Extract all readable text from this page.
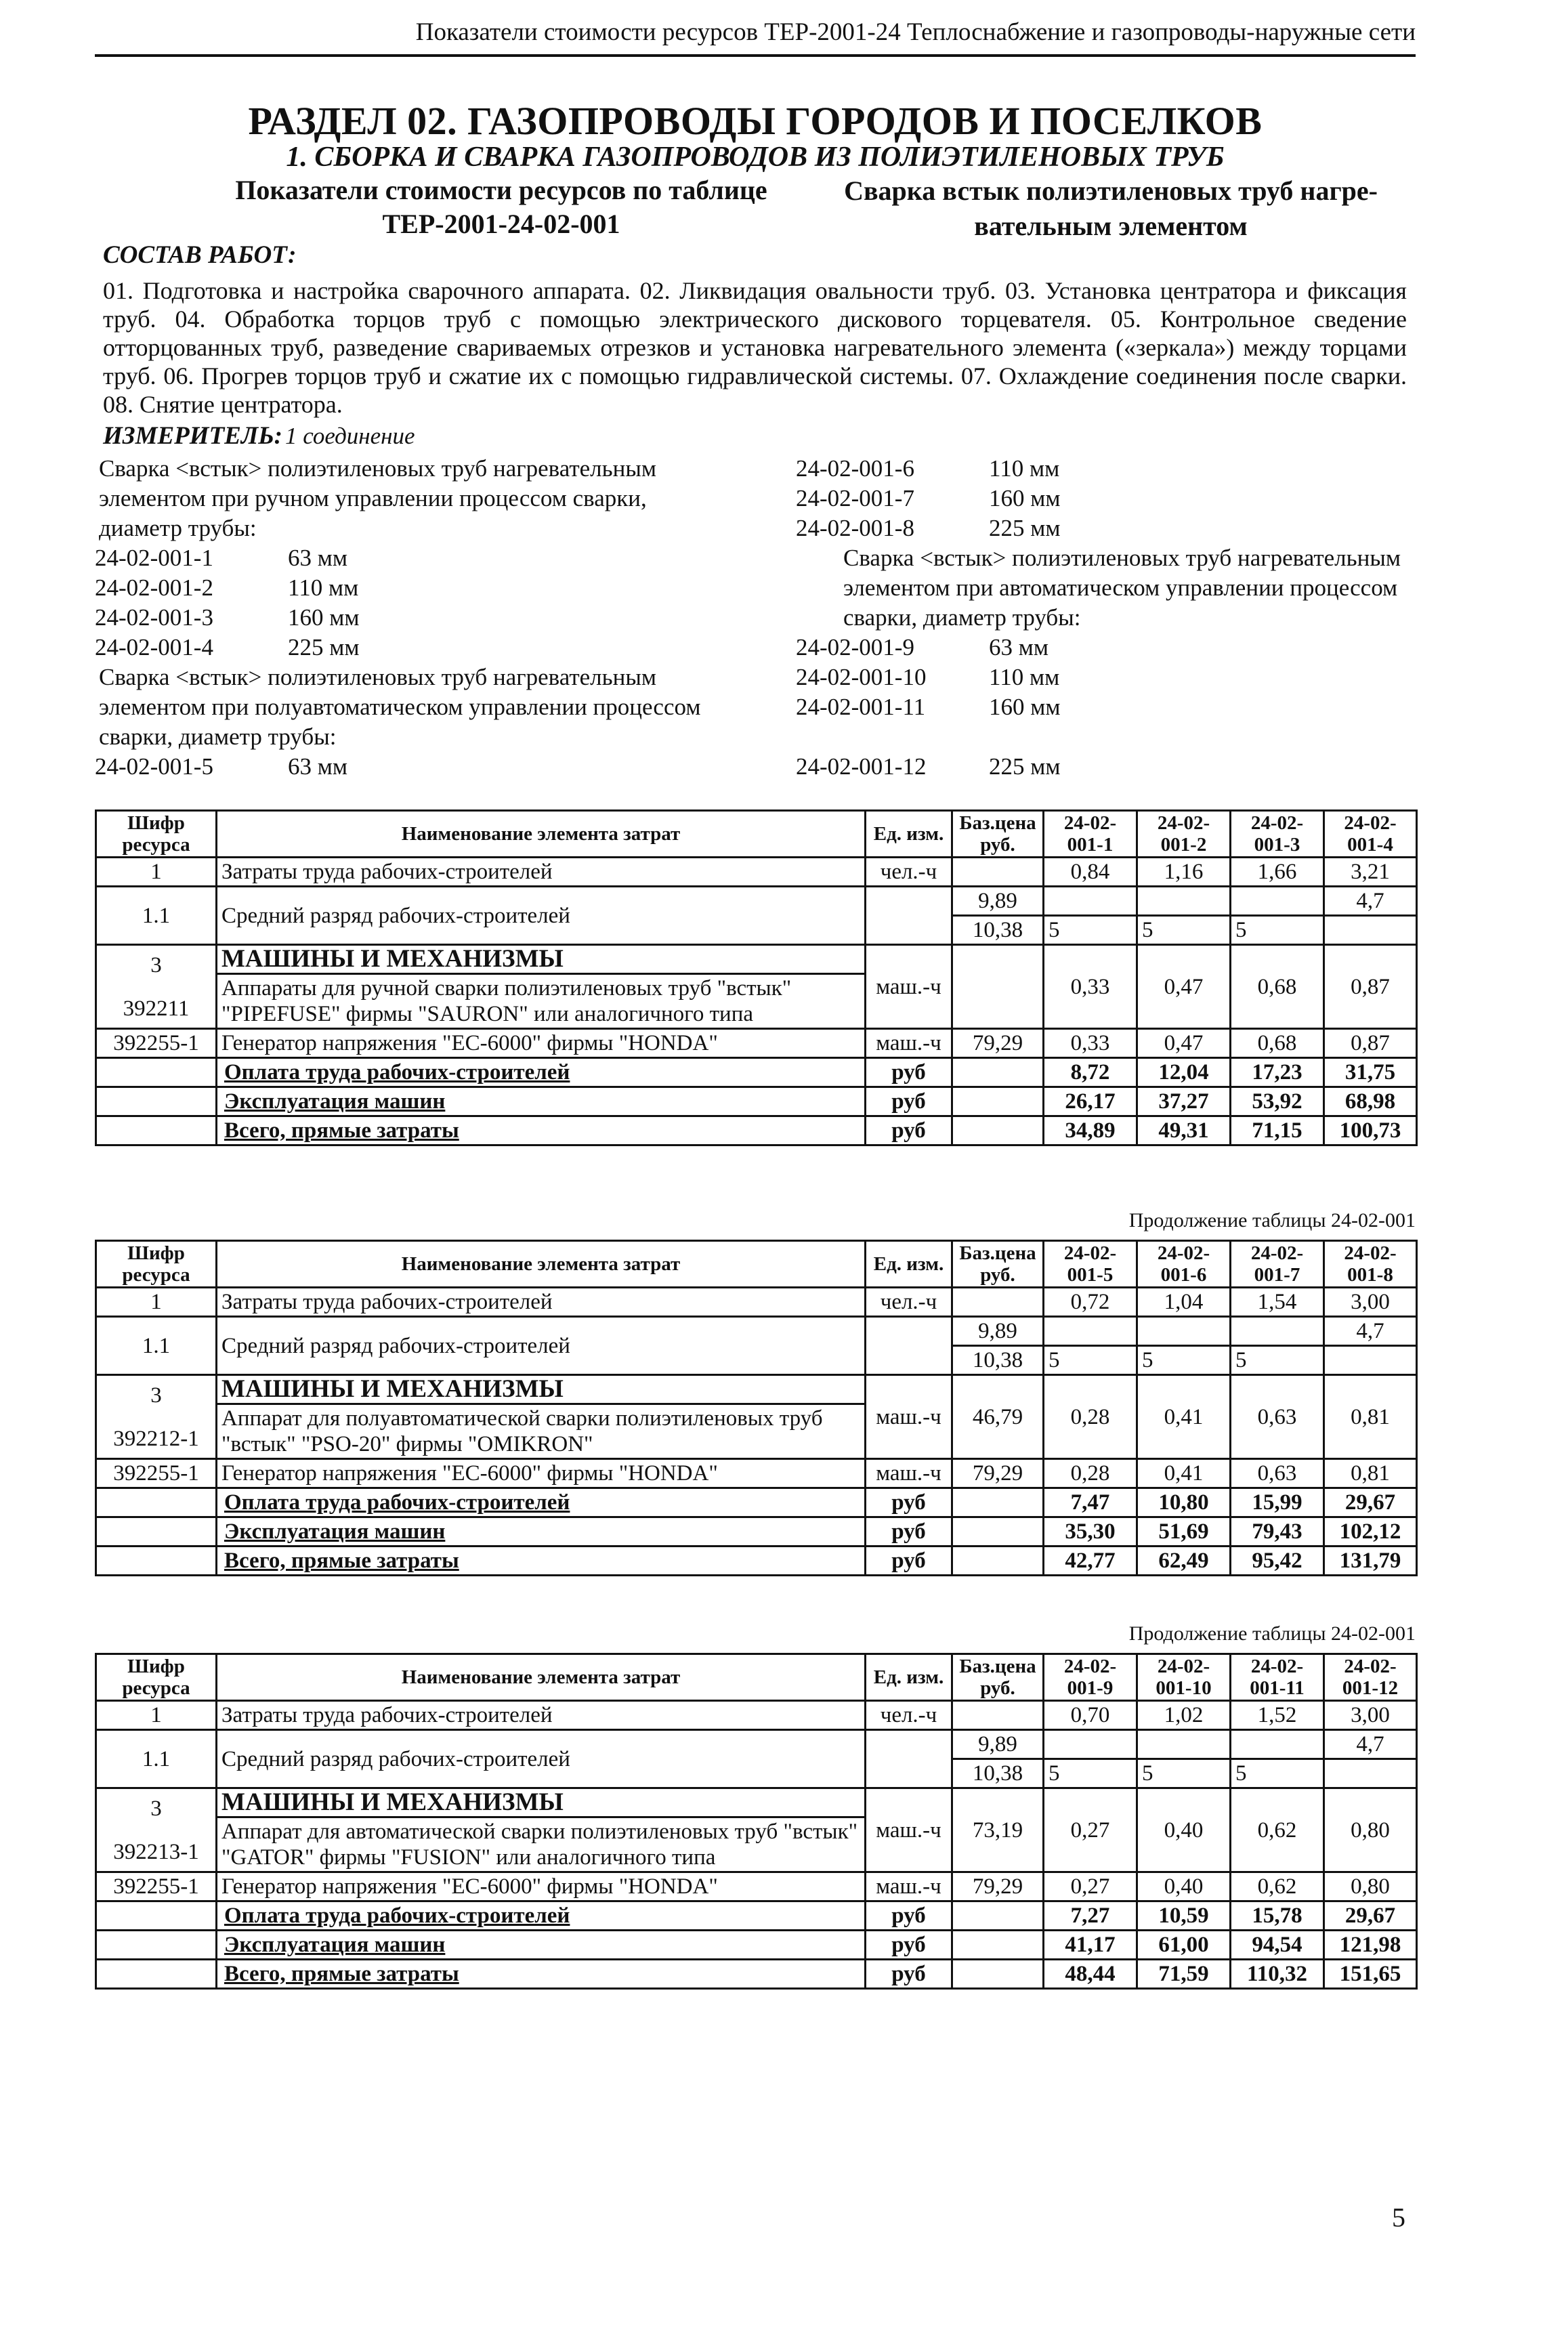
Показатели стоимости ресурсов ТЕР-2001-24 Теплоснабжение и газопроводы-наружные сети
РАЗДЕЛ 02. ГАЗОПРОВОДЫ ГОРОДОВ И ПОСЕЛКОВ
1. СБОРКА И СВАРКА ГАЗОПРОВОДОВ ИЗ ПОЛИЭТИЛЕНОВЫХ ТРУБ
Показатели стоимости ресурсов по таблице
ТЕР-2001-24-02-001
Сварка встык полиэтиленовых труб нагре-
вательным элементом
СОСТАВ РАБОТ:
01. Подготовка и настройка сварочного аппарата. 02. Ликвидация овальности труб. 03. Установка центратора и фиксация труб. 04. Обработка торцов труб с помощью электрического дискового торцевателя. 05. Контрольное сведение отторцованных труб, разведение свариваемых отрезков и установка нагревательного элемента («зеркала») между торцами труб. 06. Прогрев торцов труб и сжатие их с помощью гидравлической системы. 07. Охлаждение соединения после сварки. 08. Снятие центратора.
ИЗМЕРИТЕЛЬ: 1 соединение
Сварка <встык> полиэтиленовых труб нагревательным элементом при ручном управлении процессом сварки, диаметр трубы:
24-02-001-1	63 мм
24-02-001-2	110 мм
24-02-001-3	160 мм
24-02-001-4	225 мм
Сварка <встык> полиэтиленовых труб нагревательным элементом при полуавтоматическом управлении процессом сварки, диаметр трубы:
24-02-001-5	63 мм
24-02-001-6	110 мм
24-02-001-7	160 мм
24-02-001-8	225 мм
Сварка <встык> полиэтиленовых труб нагревательным элементом при автоматическом управлении процессом сварки, диаметр трубы:
24-02-001-9	63 мм
24-02-001-10	110 мм
24-02-001-11	160 мм
24-02-001-12	225 мм
Шифр ресурса	Наименование элемента затрат	Ед. изм.	Баз.цена руб.	24-02-001-1	24-02-001-2	24-02-001-3	24-02-001-4
1	Затраты труда рабочих-строителей	чел.-ч		0,84	1,16	1,66	3,21
1.1	Средний разряд рабочих-строителей		9,89				4,7
			10,38	5	5	5	

3
392211	МАШИНЫ И МЕХАНИЗМЫ	маш.-ч		0,33	0,47	0,68	0,87
	Аппараты для ручной сварки полиэтиленовых труб "встык" "PIPEFUSE" фирмы "SAURON" или аналогичного типа						
392255-1	Генератор напряжения "ЕС-6000" фирмы "HONDA"	маш.-ч	79,29	0,33	0,47	0,68	0,87
	Оплата труда рабочих-строителей	руб		8,72	12,04	17,23	31,75
	Эксплуатация машин	руб		26,17	37,27	53,92	68,98
	Всего, прямые затраты	руб		34,89	49,31	71,15	100,73
Продолжение таблицы 24-02-001
Шифр ресурса	Наименование элемента затрат	Ед. изм.	Баз.цена руб.	24-02-001-5	24-02-001-6	24-02-001-7	24-02-001-8
1	Затраты труда рабочих-строителей	чел.-ч		0,72	1,04	1,54	3,00
1.1	Средний разряд рабочих-строителей		9,89				4,7
			10,38	5	5	5	

3
392212-1	МАШИНЫ И МЕХАНИЗМЫ	маш.-ч	46,79	0,28	0,41	0,63	0,81
	Аппарат для полуавтоматической сварки полиэтиленовых труб "встык" "PSO-20" фирмы "OMIKRON"						
392255-1	Генератор напряжения "ЕС-6000" фирмы "HONDA"	маш.-ч	79,29	0,28	0,41	0,63	0,81
	Оплата труда рабочих-строителей	руб		7,47	10,80	15,99	29,67
	Эксплуатация машин	руб		35,30	51,69	79,43	102,12
	Всего, прямые затраты	руб		42,77	62,49	95,42	131,79
Продолжение таблицы 24-02-001
Шифр ресурса	Наименование элемента затрат	Ед. изм.	Баз.цена руб.	24-02-001-9	24-02-001-10	24-02-001-11	24-02-001-12
1	Затраты труда рабочих-строителей	чел.-ч		0,70	1,02	1,52	3,00
1.1	Средний разряд рабочих-строителей		9,89				4,7
			10,38	5	5	5	

3
392213-1	МАШИНЫ И МЕХАНИЗМЫ	маш.-ч	73,19	0,27	0,40	0,62	0,80
	Аппарат для автоматической сварки полиэтиленовых труб "встык" "GATOR" фирмы "FUSION" или аналогичного типа						
392255-1	Генератор напряжения "ЕС-6000" фирмы "HONDA"	маш.-ч	79,29	0,27	0,40	0,62	0,80
	Оплата труда рабочих-строителей	руб		7,27	10,59	15,78	29,67
	Эксплуатация машин	руб		41,17	61,00	94,54	121,98
	Всего, прямые затраты	руб		48,44	71,59	110,32	151,65
5
